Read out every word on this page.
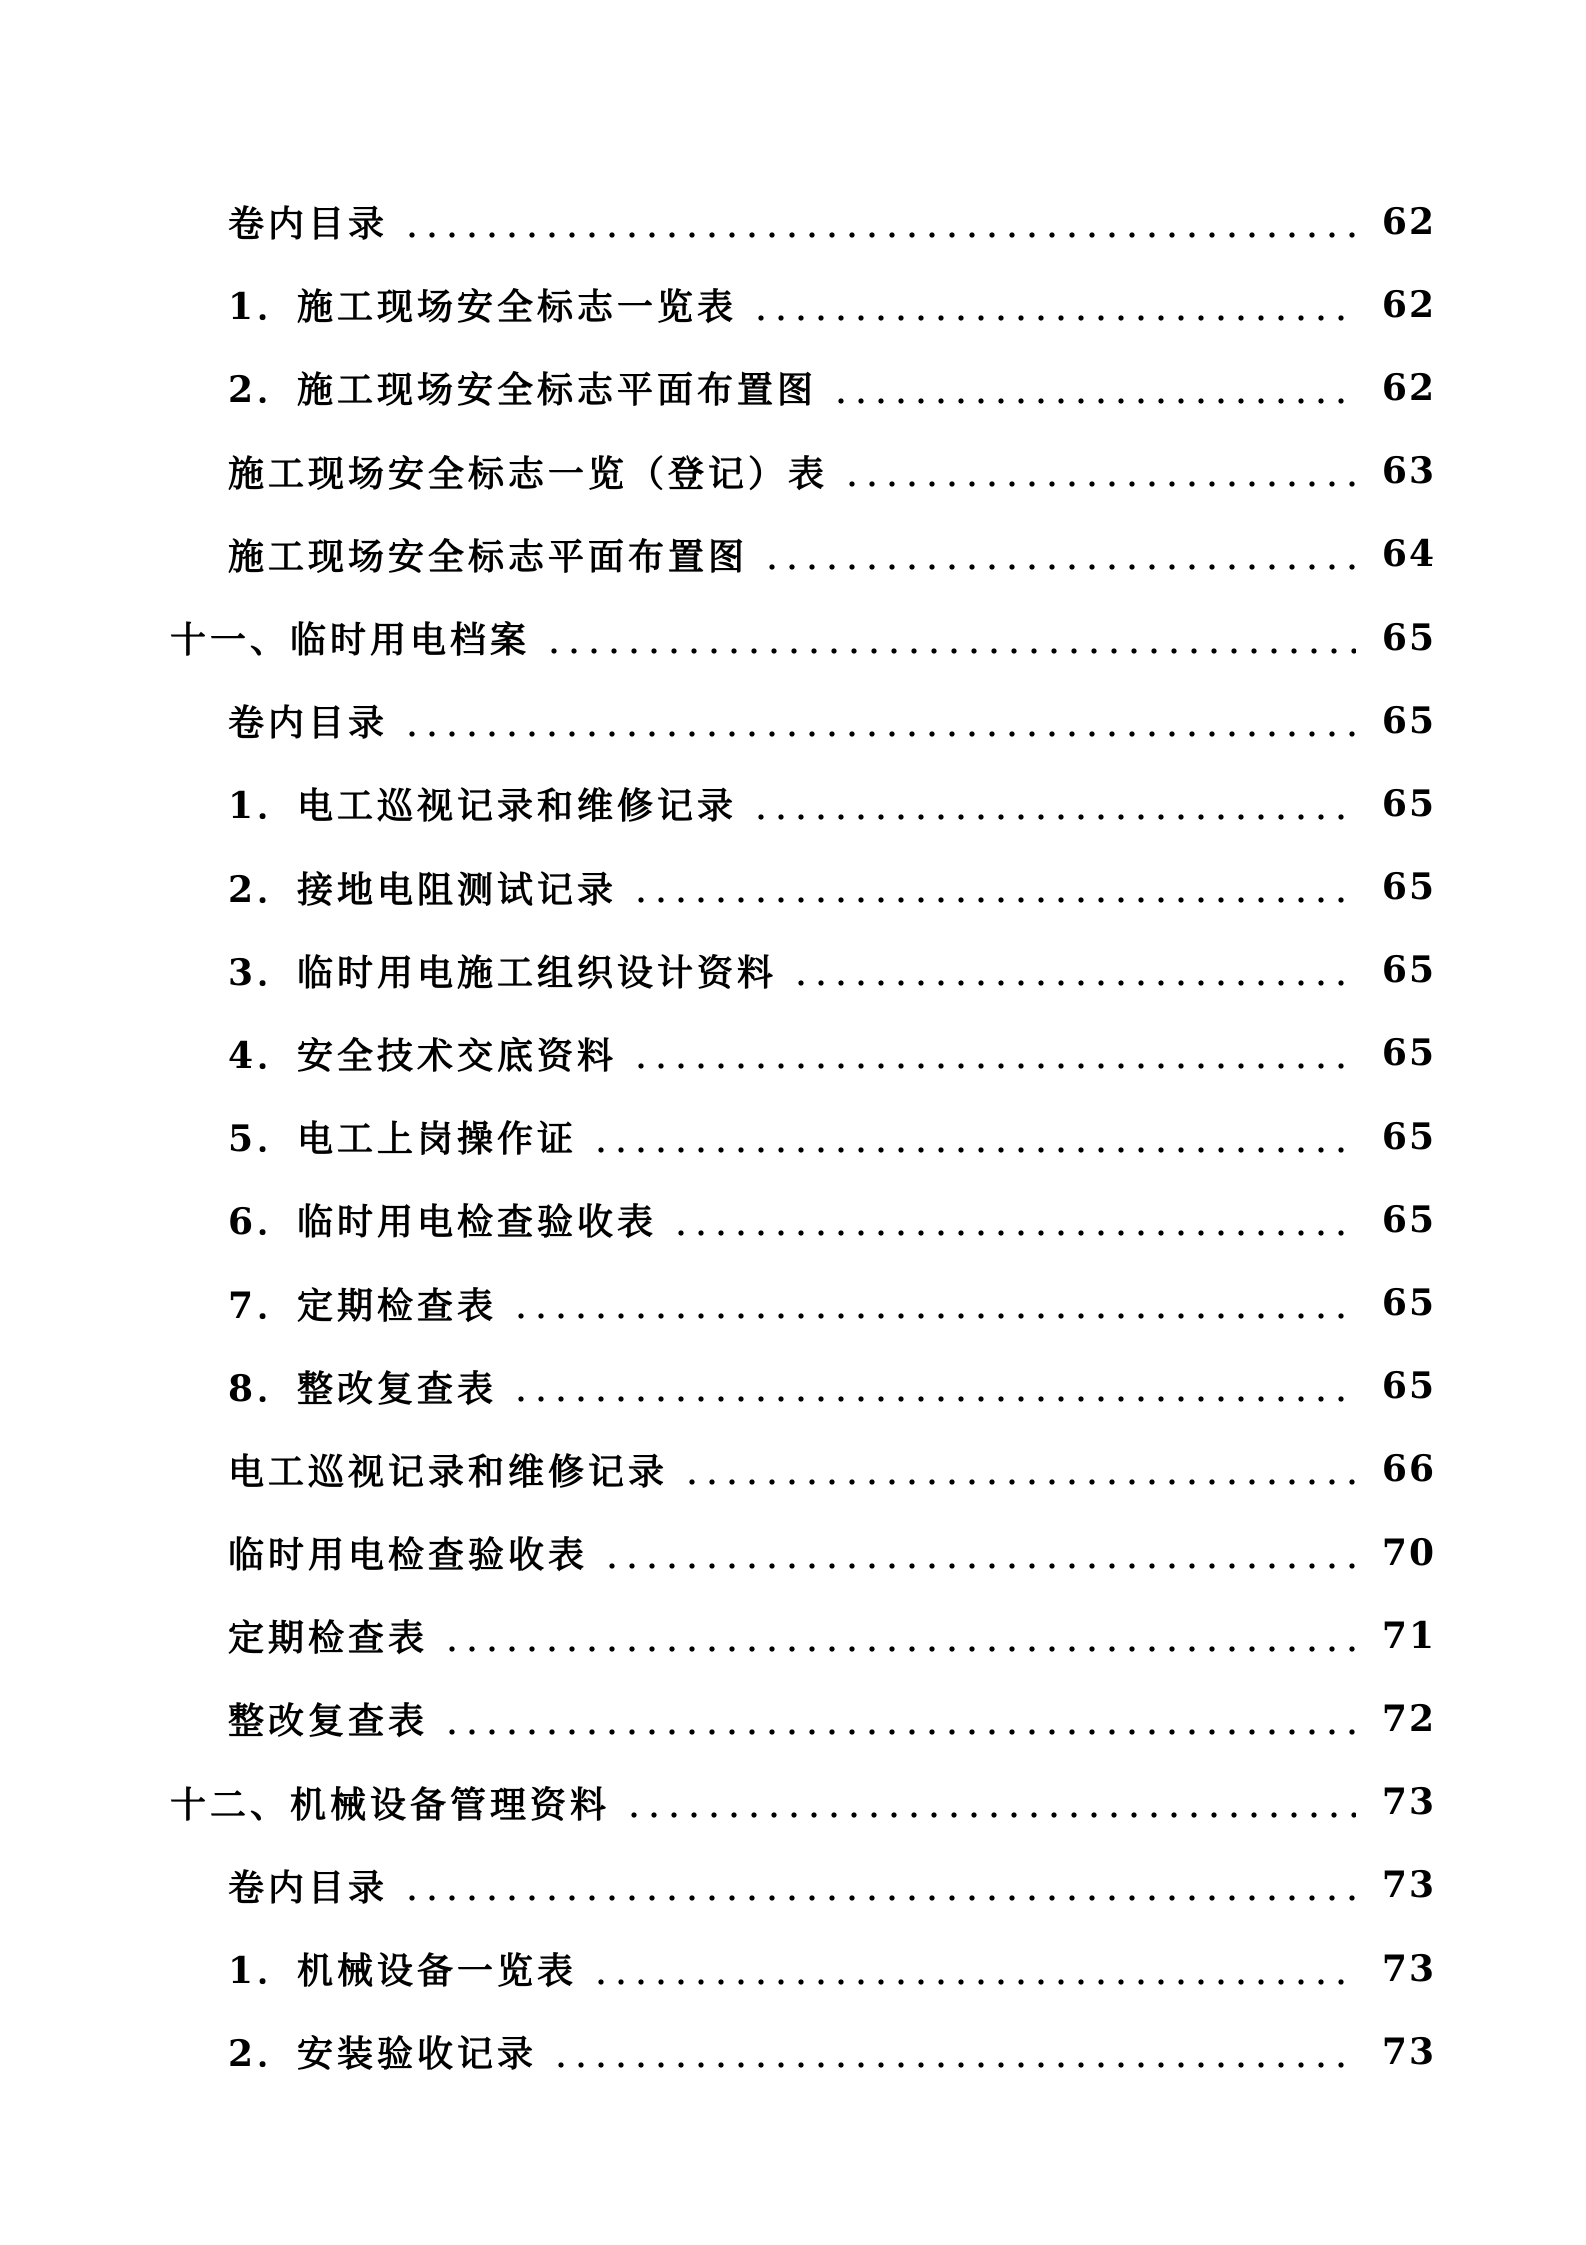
卷内目录	62
1．施工现场安全标志一览表	62
2．施工现场安全标志平面布置图	62
施工现场安全标志一览（登记）表	63
施工现场安全标志平面布置图	64
十一、临时用电档案	65
卷内目录	65
1．电工巡视记录和维修记录	65
2．接地电阻测试记录	65
3．临时用电施工组织设计资料	65
4．安全技术交底资料	65
5．电工上岗操作证	65
6．临时用电检查验收表	65
7．定期检查表	65
8．整改复查表	65
电工巡视记录和维修记录	66
临时用电检查验收表	70
定期检查表	71
整改复查表	72
十二、机械设备管理资料	73
卷内目录	73
1．机械设备一览表	73
2．安装验收记录	73
